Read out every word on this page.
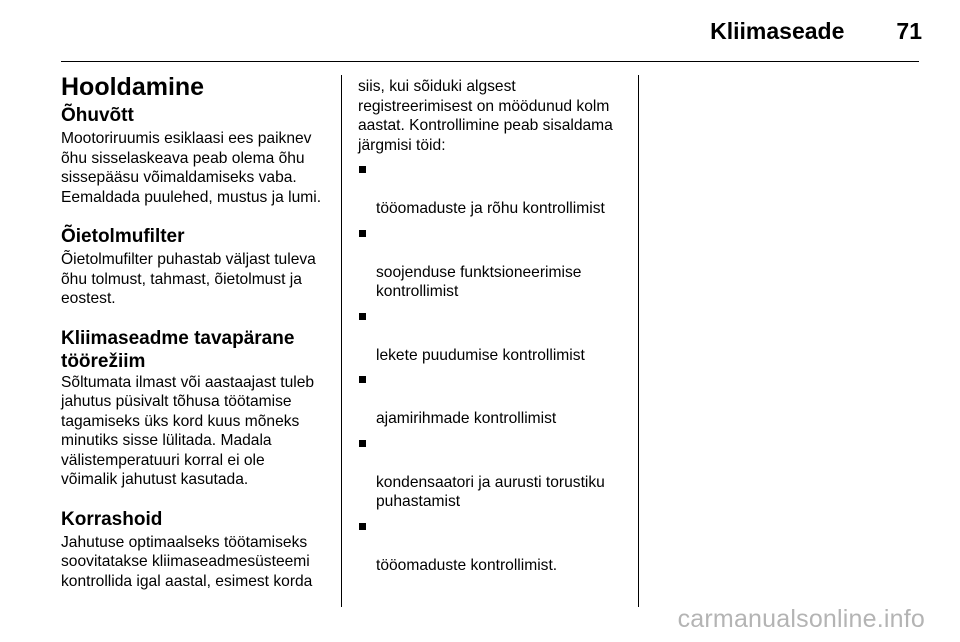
Kliimaseade 71
Hooldamine
Õhuvõtt

Mootoriruumis esiklaasi ees paiknev
õhu sisselaskeava peab olema õhu
sissepääsu võimaldamiseks vaba.
Eemaldada puulehed, mustus ja lumi.

Õietolmufilter

Õietolmufilter puhastab väljast tuleva
õhu tolmust, tahmast, õietolmust ja
eostest.

Kliimaseadme tavapärane
töörežiim

Sõltumata ilmast või aastaajast tuleb
jahutus püsivalt tõhusa töötamise
tagamiseks üks kord kuus mõneks
minutiks sisse lülitada. Madala
välistemperatuuri korral ei ole
võimalik jahutust kasutada.

Korrashoid

Jahutuse optimaalseks töötamiseks
soovitatakse kliimaseadmesüsteemi
kontrollida igal aastal, esimest korda

siis, kui sõiduki algsest
registreerimisest on möödunud kolm
aastat. Kontrollimine peab sisaldama
järgmisi töid:

tööomaduste ja rõhu kontrollimist

soojenduse funktsioneerimise
kontrollimist

lekete puudumise kontrollimist

ajamirihmade kontrollimist

kondensaatori ja aurusti torustiku
puhastamist

tööomaduste kontrollimist.

carmanualsonline.info
